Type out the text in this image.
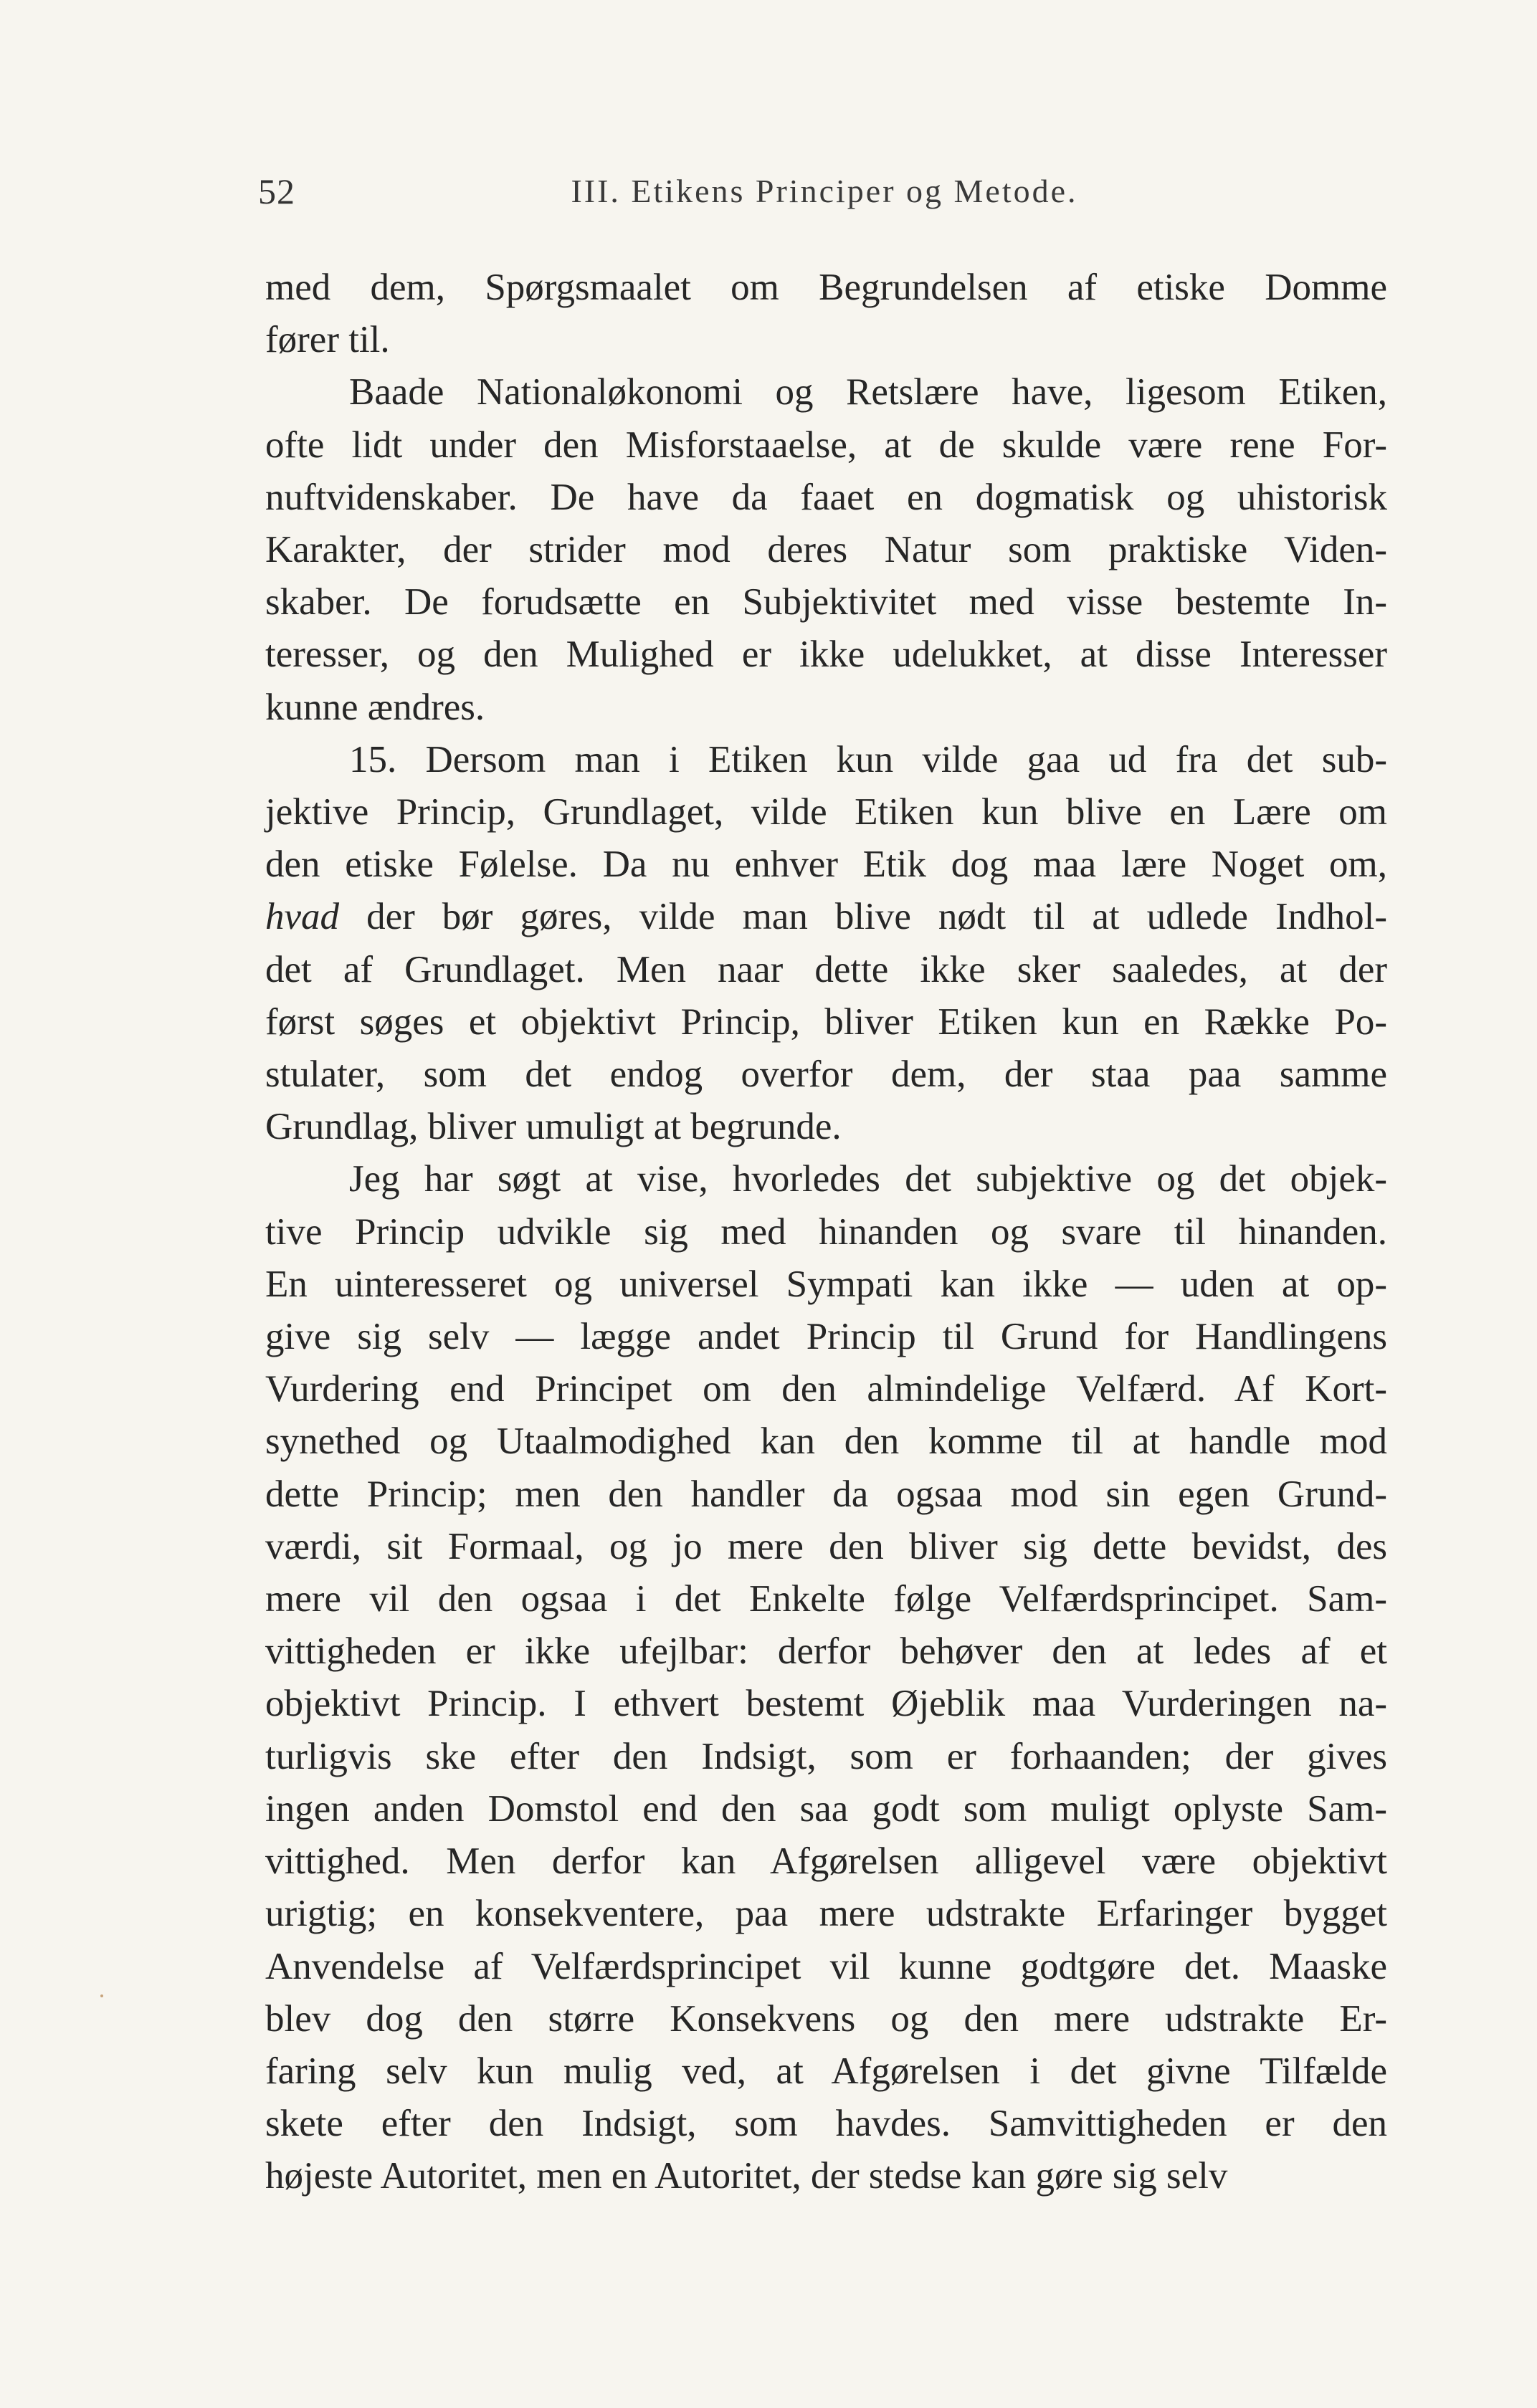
52	III. Etikens Principer og Metode.
med dem, Spørgsmaalet om Begrundelsen af etiske Domme
fører til.
Baade Nationaløkonomi og Retslære have, ligesom Etiken,
ofte lidt under den Misforstaaelse, at de skulde være rene For-
nuftvidenskaber. De have da faaet en dogmatisk og uhistorisk
Karakter, der strider mod deres Natur som praktiske Viden-
skaber. De forudsætte en Subjektivitet med visse bestemte In-
teresser, og den Mulighed er ikke udelukket, at disse Interesser
kunne ændres.
15. Dersom man i Etiken kun vilde gaa ud fra det sub-
jektive Princip, Grundlaget, vilde Etiken kun blive en Lære om
den etiske Følelse. Da nu enhver Etik dog maa lære Noget om,
hvad der bør gøres, vilde man blive nødt til at udlede Indhol-
det af Grundlaget. Men naar dette ikke sker saaledes, at der
først søges et objektivt Princip, bliver Etiken kun en Række Po-
stulater, som det endog overfor dem, der staa paa samme
Grundlag, bliver umuligt at begrunde.
Jeg har søgt at vise, hvorledes det subjektive og det objek-
tive Princip udvikle sig med hinanden og svare til hinanden.
En uinteresseret og universel Sympati kan ikke — uden at op-
give sig selv — lægge andet Princip til Grund for Handlingens
Vurdering end Principet om den almindelige Velfærd. Af Kort-
synethed og Utaalmodighed kan den komme til at handle mod
dette Princip; men den handler da ogsaa mod sin egen Grund-
værdi, sit Formaal, og jo mere den bliver sig dette bevidst, des
mere vil den ogsaa i det Enkelte følge Velfærdsprincipet. Sam-
vittigheden er ikke ufejlbar: derfor behøver den at ledes af et
objektivt Princip. I ethvert bestemt Øjeblik maa Vurderingen na-
turligvis ske efter den Indsigt, som er forhaanden; der gives
ingen anden Domstol end den saa godt som muligt oplyste Sam-
vittighed. Men derfor kan Afgørelsen alligevel være objektivt
urigtig; en konsekventere, paa mere udstrakte Erfaringer bygget
Anvendelse af Velfærdsprincipet vil kunne godtgøre det. Maaske
blev dog den større Konsekvens og den mere udstrakte Er-
faring selv kun mulig ved, at Afgørelsen i det givne Tilfælde
skete efter den Indsigt, som havdes. Samvittigheden er den
højeste Autoritet, men en Autoritet, der stedse kan gøre sig selv
